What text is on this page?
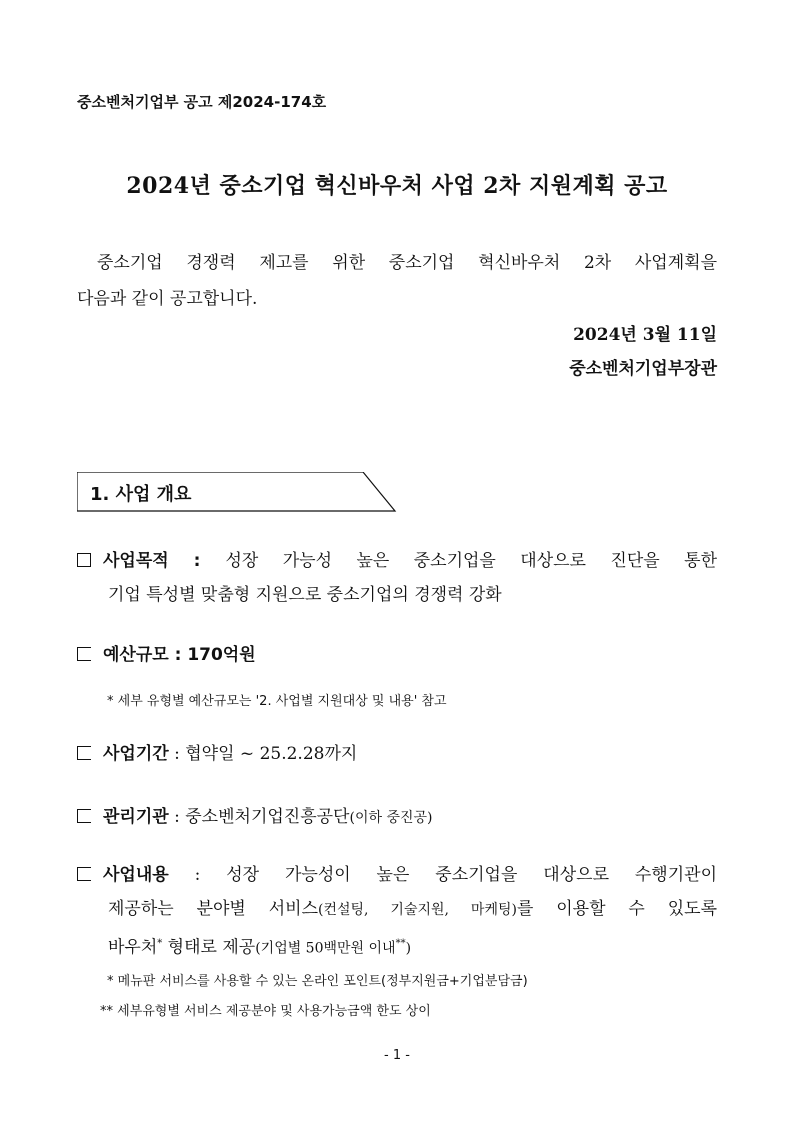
중소벤처기업부 공고 제2024-174호
2024년 중소기업 혁신바우처 사업 2차 지원계획 공고
중소기업 경쟁력 제고를 위한 중소기업 혁신바우처 2차 사업계획을
다음과 같이 공고합니다.
2024년 3월 11일
중소벤처기업부장관
1. 사업 개요
사업목적 : 성장 가능성 높은 중소기업을 대상으로 진단을 통한
기업 특성별 맞춤형 지원으로 중소기업의 경쟁력 강화
예산규모 : 170억원
* 세부 유형별 예산규모는 '2. 사업별 지원대상 및 내용' 참고
사업기간 : 협약일 ~ 25.2.28까지
관리기관 : 중소벤처기업진흥공단(이하 중진공)
사업내용 : 성장 가능성이 높은 중소기업을 대상으로 수행기관이
제공하는 분야별 서비스(컨설팅, 기술지원, 마케팅)를 이용할 수 있도록
바우처* 형태로 제공(기업별 50백만원 이내**)
* 메뉴판 서비스를 사용할 수 있는 온라인 포인트(정부지원금+기업분담금)
** 세부유형별 서비스 제공분야 및 사용가능금액 한도 상이
- 1 -
